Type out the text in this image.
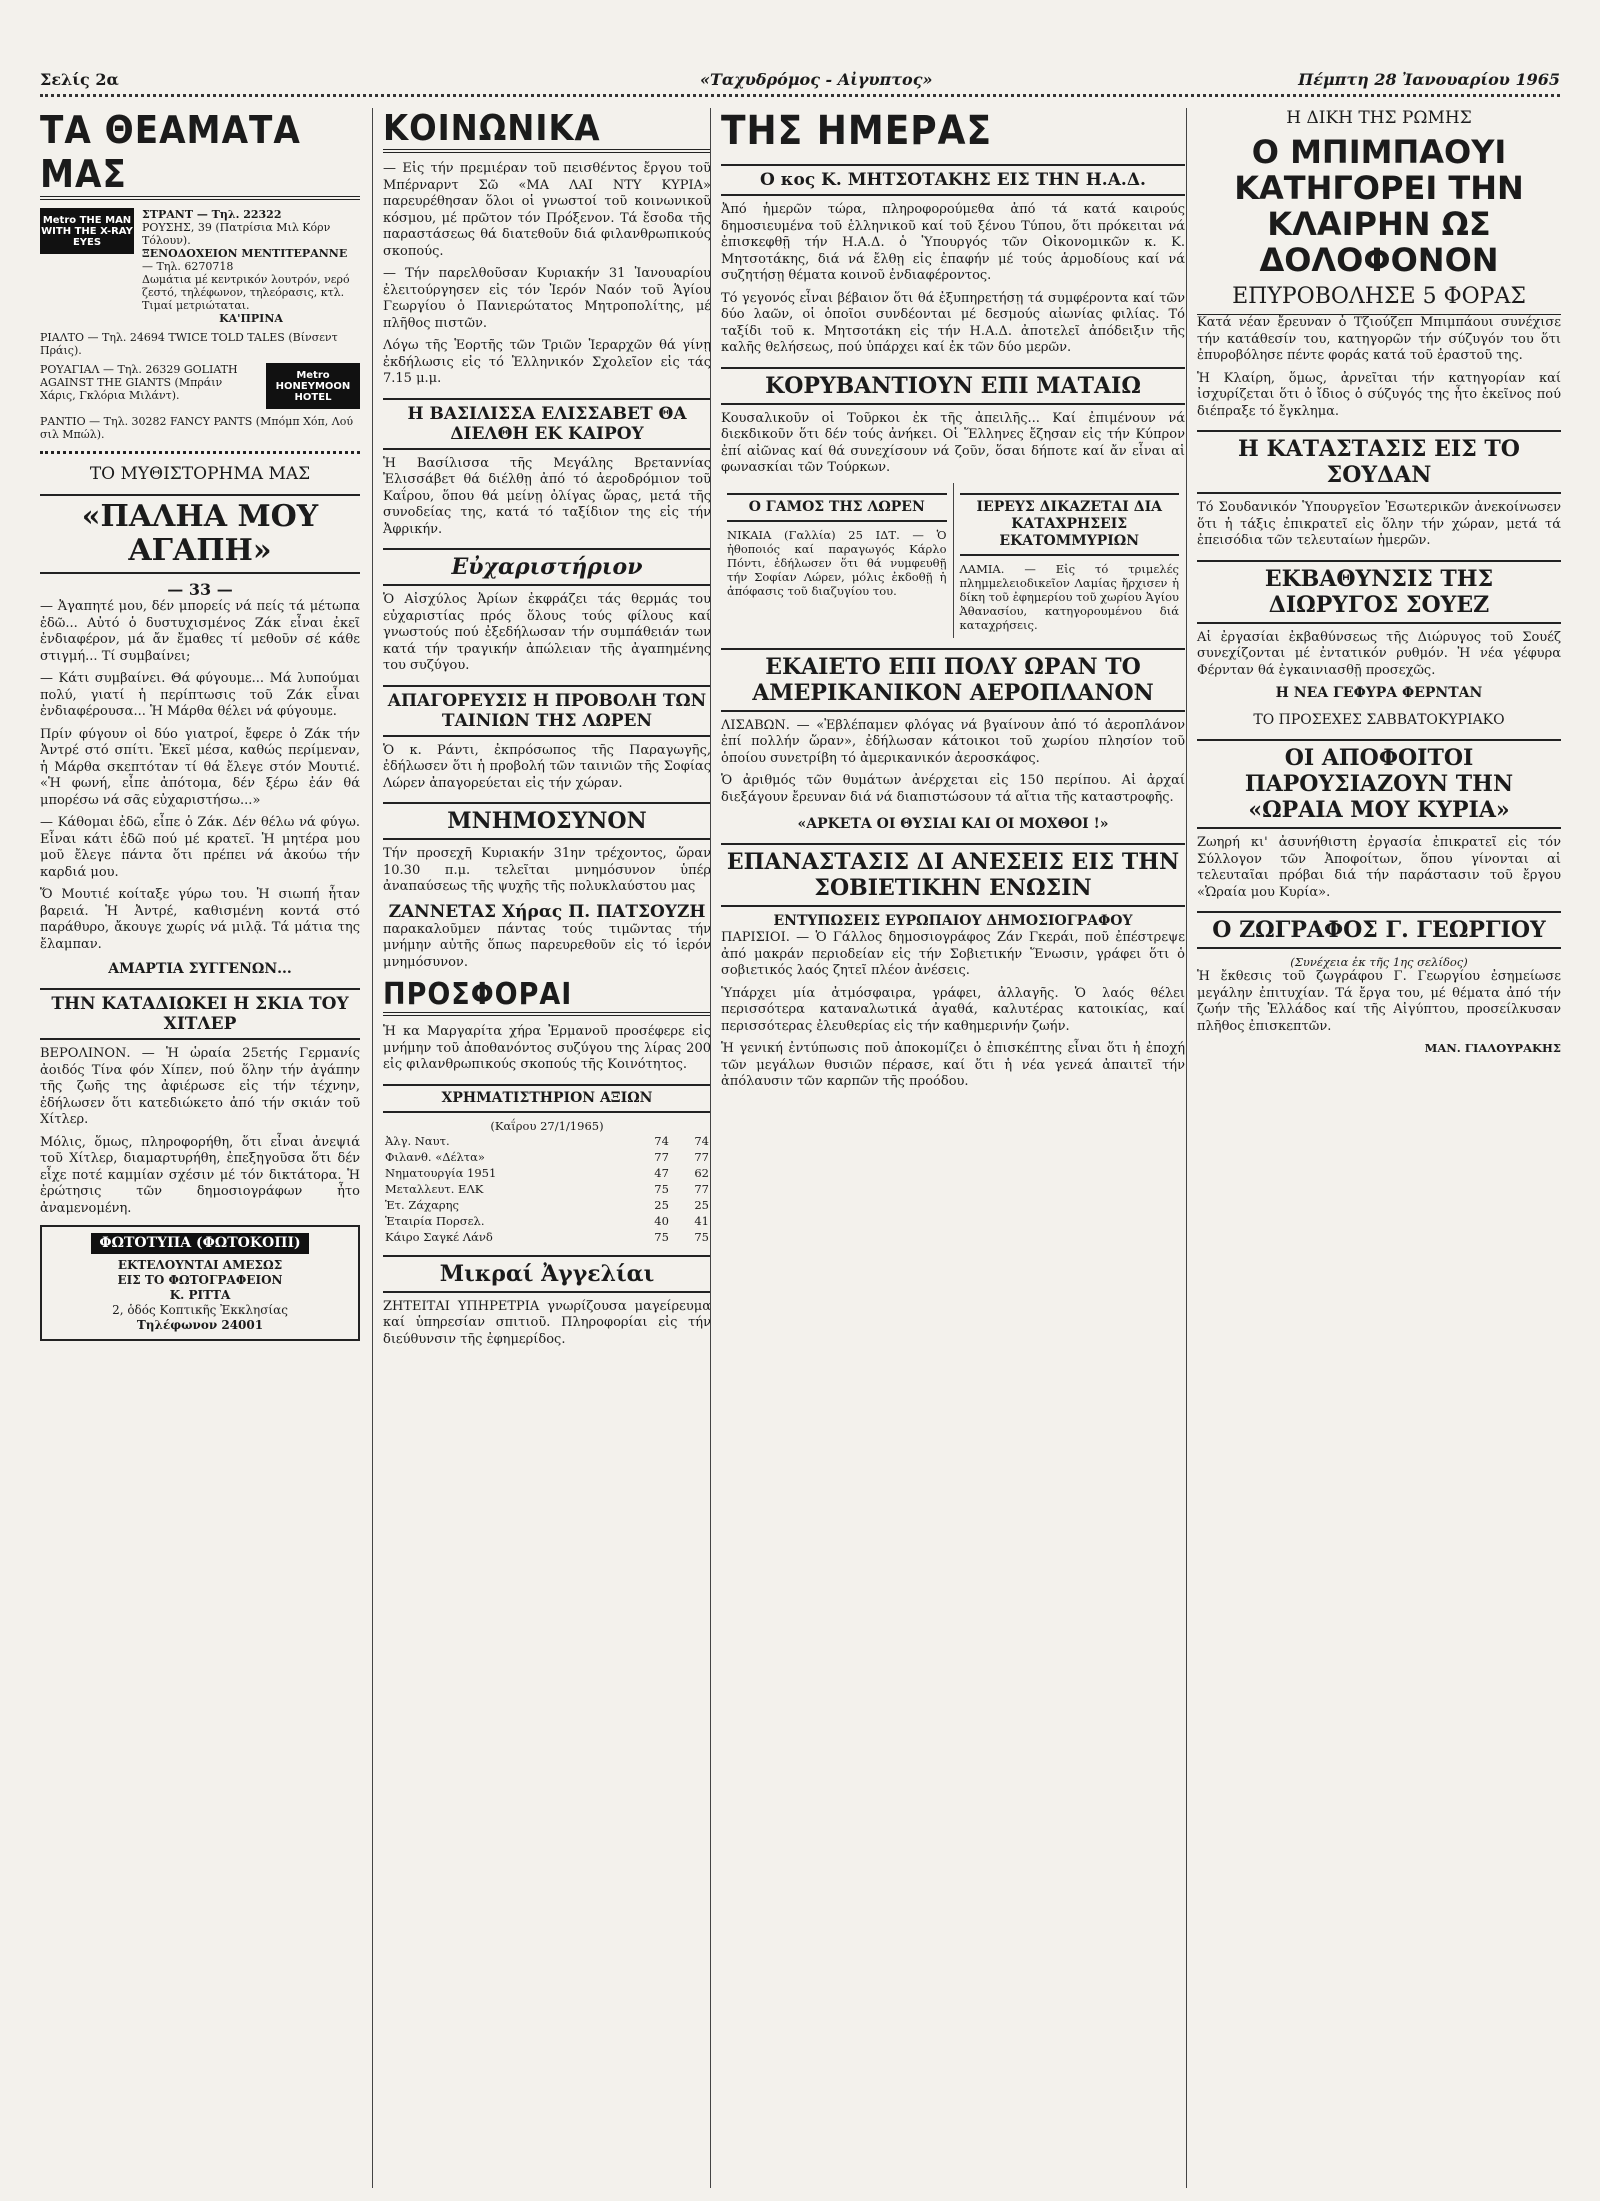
Σελίς 2α	«Ταχυδρόμος - Αἰγυπτος»	Πέμπτη 28 Ἰανουαρίου 1965
ΤΑ ΘΕΑΜΑΤΑ ΜΑΣ
Metro THE MAN WITH THE X-RAY EYES
ΣΤΡΑΝΤ — Τηλ. 22322
ΡΟΥΣΗΣ, 39 (Πατρίσια Μιλ Κόρν Τόλουν).
ΞΕΝΟΔΟΧΕΙΟΝ ΜΕΝΤΙΤΕΡΑΝΝΕ
— Τηλ. 6270718
Δωμάτια μέ κεντρικόν λουτρόν, νερό ζεστό, τηλέφωνον, τηλεόρασις, κτλ. Τιμαί μετριώταται.
ΚΑ'ΠΡΙΝΑ
ΡΙΑΛΤΟ — Τηλ. 24694 TWICE TOLD TALES (Βίνσεντ Πράις).
ΡΟΥΑΓΙΑΛ — Τηλ. 26329 GOLIATH AGAINST THE GIANTS (Μπράιν Χάρις, Γκλόρια Μιλάντ).
Metro HONEYMOON HOTEL
ΡΑΝΤΙΟ — Τηλ. 30282 FANCY PANTS (Μπόμπ Χόπ, Λού σιλ Μπώλ).
ΤΟ ΜΥΘΙΣΤΟΡΗΜΑ ΜΑΣ
«ΠΑΛΗΑ ΜΟΥ ΑΓΑΠΗ»
— 33 —

— Ἀγαπητέ μου, δέν μπορείς νά πείς τά μέτωπα ἐδῶ... Αὐτό ὁ δυστυχισμένος Ζάκ εἶναι ἐκεῖ ἐνδιαφέρον, μά ἄν ἔμαθες τί μεθοῦν σέ κάθε στιγμή... Τί συμβαίνει;

— Κάτι συμβαίνει. Θά φύγουμε... Μά λυπούμαι πολύ, γιατί ἡ περίπτωσις τοῦ Ζάκ εἶναι ἐνδιαφέρουσα... Ἡ Μάρθα θέλει νά φύγουμε.

Πρίν φύγουν οἱ δύο γιατροί, ἔφερε ὁ Ζάκ τήν Ἀντρέ στό σπίτι. Ἐκεῖ μέσα, καθώς περίμεναν, ἡ Μάρθα σκεπτόταν τί θά ἔλεγε στόν Μουτιέ. «Ἡ φωνή, εἶπε ἀπότομα, δέν ξέρω ἐάν θά μπορέσω νά σᾶς εὐχαριστήσω...»

— Κάθομαι ἐδῶ, εἶπε ὁ Ζάκ. Δέν θέλω νά φύγω. Εἶναι κάτι ἐδῶ πού μέ κρατεῖ. Ἡ μητέρα μου μοῦ ἔλεγε πάντα ὅτι πρέπει νά ἀκούω τήν καρδιά μου.

Ὅ Μουτιέ κοίταξε γύρω του. Ἡ σιωπή ἦταν βαρειά. Ἡ Ἀντρέ, καθισμένη κοντά στό παράθυρο, ἄκουγε χωρίς νά μιλᾷ. Τά μάτια της ἔλαμπαν.

ΑΜΑΡΤΙΑ ΣΥΓΓΕΝΩΝ...
ΤΗΝ ΚΑΤΑΔΙΩΚΕΙ Η ΣΚΙΑ ΤΟΥ ΧΙΤΛΕΡ

ΒΕΡΟΛΙΝΟΝ. — Ἡ ὡραία 25ετής Γερμανίς ἀοιδός Τίνα φόν Χίπεν, πού ὅλην τήν ἀγάπην τῆς ζωῆς της ἀφιέρωσε εἰς τήν τέχνην, ἐδήλωσεν ὅτι κατεδιώκετο ἀπό τήν σκιάν τοῦ Χίτλερ.

Μόλις, ὅμως, πληροφορήθη, ὅτι εἶναι ἀνεψιά τοῦ Χίτλερ, διαμαρτυρήθη, ἐπεξηγοῦσα ὅτι δέν εἶχε ποτέ καμμίαν σχέσιν μέ τόν δικτάτορα. Ἡ ἐρώτησις τῶν δημοσιογράφων ἦτο ἀναμενομένη.

ΦΩΤΟΤΥΠΑ (ΦΩΤΟΚΟΠΙ)
ΕΚΤΕΛΟΥΝΤΑΙ ΑΜΕΣΩΣ
ΕΙΣ ΤΟ ΦΩΤΟΓΡΑΦΕΙΟΝ
Κ. ΡΙΤΤΑ
2, ὁδός Κοπτικῆς Ἐκκλησίας
Τηλέφωνον 24001
ΚΟΙΝΩΝΙΚΑ

— Εἰς τήν πρεμιέραν τοῦ πεισθέντος ἔργου τοῦ Μπέρναρντ Σῶ «ΜΑ ΛΑΙ ΝΤΥ ΚΥΡΙΑ» παρευρέθησαν ὅλοι οἱ γνωστοί τοῦ κοινωνικοῦ κόσμου, μέ πρῶτον τόν Πρόξενον. Τά ἔσοδα τῆς παραστάσεως θά διατεθοῦν διά φιλανθρωπικούς σκοπούς.

— Τήν παρελθοῦσαν Κυριακήν 31 Ἰανουαρίου ἐλειτούργησεν εἰς τόν Ἱερόν Ναόν τοῦ Ἁγίου Γεωργίου ὁ Πανιερώτατος Μητροπολίτης, μέ πλῆθος πιστῶν.

Λόγω τῆς Ἑορτῆς τῶν Τριῶν Ἱεραρχῶν θά γίνῃ ἐκδήλωσις εἰς τό Ἑλληνικόν Σχολεῖον εἰς τάς 7.15 μ.μ.

Η ΒΑΣΙΛΙΣΣΑ ΕΛΙΣΣΑΒΕΤ ΘΑ ΔΙΕΛΘΗ ΕΚ ΚΑΙΡΟΥ

Ἡ Βασίλισσα τῆς Μεγάλης Βρεταννίας Ἐλισσάβετ θά διέλθῃ ἀπό τό ἀεροδρόμιον τοῦ Καΐρου, ὅπου θά μείνῃ ὀλίγας ὥρας, μετά τῆς συνοδείας της, κατά τό ταξίδιον της εἰς τήν Ἀφρικήν.

Εὐχαριστήριον

Ὁ Αἰσχύλος Ἀρίων ἐκφράζει τάς θερμάς του εὐχαριστίας πρός ὅλους τούς φίλους καί γνωστούς πού ἐξεδήλωσαν τήν συμπάθειάν των κατά τήν τραγικήν ἀπώλειαν τῆς ἀγαπημένης του συζύγου.

ΑΠΑΓΟΡΕΥΣΙΣ Η ΠΡΟΒΟΛΗ ΤΩΝ ΤΑΙΝΙΩΝ ΤΗΣ ΛΩΡΕΝ

Ὁ κ. Ράντι, ἐκπρόσωπος τῆς Παραγωγῆς, ἐδήλωσεν ὅτι ἡ προβολή τῶν ταινιῶν τῆς Σοφίας Λώρεν ἀπαγορεύεται εἰς τήν χώραν.

ΜΝΗΜΟΣΥΝΟΝ

Τήν προσεχῆ Κυριακήν 31ην τρέχοντος, ὥραν 10.30 π.μ. τελεῖται μνημόσυνον ὑπέρ ἀναπαύσεως τῆς ψυχῆς τῆς πολυκλαύστου μας

ΖΑΝΝΕΤΑΣ Χήρας Π. ΠΑΤΣΟΥΖΗ

παρακαλοῦμεν πάντας τούς τιμῶντας τήν μνήμην αὐτῆς ὅπως παρευρεθοῦν εἰς τό ἱερόν μνημόσυνον.

ΠΡΟΣΦΟΡΑΙ

Ἡ κα Μαργαρίτα χήρα Ἐρμανοῦ προσέφερε εἰς μνήμην τοῦ ἀποθανόντος συζύγου της λίρας 200 εἰς φιλανθρωπικούς σκοπούς τῆς Κοινότητος.

ΧΡΗΜΑΤΙΣΤΗΡΙΟΝ ΑΞΙΩΝ
(Καΐρου 27/1/1965)
Ἀλγ. Ναυτ.	74	74
Φιλανθ. «Δέλτα»	77	77
Νηματουργία 1951	47	62
Μεταλλευτ. ΕΛΚ	75	77
Ἑτ. Ζάχαρης	25	25
Ἑταιρία Πορσελ.	40	41
Κάιρο Σαγκέ Λάνδ	75	75
Μικραί Ἀγγελίαι

ΖΗΤΕΙΤΑΙ ΥΠΗΡΕΤΡΙΑ γνωρίζουσα μαγείρευμα καί ὑπηρεσίαν σπιτιοῦ. Πληροφορίαι εἰς τήν διεύθυνσιν τῆς ἐφημερίδος.

ΤΗΣ ΗΜΕΡΑΣ
Ο κος Κ. ΜΗΤΣΟΤΑΚΗΣ ΕΙΣ ΤΗΝ Η.Α.Δ.

Ἀπό ἡμερῶν τώρα, πληροφορούμεθα ἀπό τά κατά καιρούς δημοσιευμένα τοῦ ἑλληνικοῦ καί τοῦ ξένου Τύπου, ὅτι πρόκειται νά ἐπισκεφθῇ τήν Η.Α.Δ. ὁ Ὑπουργός τῶν Οἰκονομικῶν κ. Κ. Μητσοτάκης, διά νά ἔλθῃ εἰς ἐπαφήν μέ τούς ἁρμοδίους καί νά συζητήσῃ θέματα κοινοῦ ἐνδιαφέροντος.

Τό γεγονός εἶναι βέβαιον ὅτι θά ἐξυπηρετήσῃ τά συμφέροντα καί τῶν δύο λαῶν, οἱ ὁποῖοι συνδέονται μέ δεσμούς αἰωνίας φιλίας. Τό ταξίδι τοῦ κ. Μητσοτάκη εἰς τήν Η.Α.Δ. ἀποτελεῖ ἀπόδειξιν τῆς καλῆς θελήσεως, πού ὑπάρχει καί ἐκ τῶν δύο μερῶν.

ΚΟΡΥΒΑΝΤΙΟΥΝ ΕΠΙ ΜΑΤΑΙΩ

Κουσαλικοῦν οἱ Τοῦρκοι ἐκ τῆς ἀπειλῆς... Καί ἐπιμένουν νά διεκδικοῦν ὅτι δέν τούς ἀνήκει. Οἱ Ἕλληνες ἔζησαν εἰς τήν Κύπρον ἐπί αἰῶνας καί θά συνεχίσουν νά ζοῦν, ὅσαι δήποτε καί ἄν εἶναι αἱ φωνασκίαι τῶν Τούρκων.

Ο ΓΑΜΟΣ ΤΗΣ ΛΩΡΕΝ

ΝΙΚΑΙΑ (Γαλλία) 25 ΙΔΤ. — Ὁ ἡθοποιός καί παραγωγός Κάρλο Πόντι, ἐδήλωσεν ὅτι θά νυμφευθῇ τήν Σοφίαν Λώρεν, μόλις ἐκδοθῇ ἡ ἀπόφασις τοῦ διαζυγίου του.

ΙΕΡΕΥΣ ΔΙΚΑΖΕΤΑΙ ΔΙΑ ΚΑΤΑΧΡΗΣΕΙΣ ΕΚΑΤΟΜΜΥΡΙΩΝ

ΛΑΜΙΑ. — Εἰς τό τριμελές πλημμελειοδικεῖον Λαμίας ἤρχισεν ἡ δίκη τοῦ ἐφημερίου τοῦ χωρίου Ἁγίου Ἀθανασίου, κατηγορουμένου διά καταχρήσεις.

ΕΚΑΙΕΤΟ ΕΠΙ ΠΟΛΥ ΩΡΑΝ ΤΟ ΑΜΕΡΙΚΑΝΙΚΟΝ ΑΕΡΟΠΛΑΝΟΝ

ΛΙΣΑΒΩΝ. — «Ἐβλέπαμεν φλόγας νά βγαίνουν ἀπό τό ἀεροπλάνον ἐπί πολλήν ὥραν», ἐδήλωσαν κάτοικοι τοῦ χωρίου πλησίον τοῦ ὁποίου συνετρίβη τό ἀμερικανικόν ἀεροσκάφος.

Ὁ ἀριθμός τῶν θυμάτων ἀνέρχεται εἰς 150 περίπου. Αἱ ἀρχαί διεξάγουν ἔρευναν διά νά διαπιστώσουν τά αἴτια τῆς καταστροφῆς.

«ΑΡΚΕΤΑ ΟΙ ΘΥΣΙΑΙ ΚΑΙ ΟΙ ΜΟΧΘΟΙ !»
ΕΠΑΝΑΣΤΑΣΙΣ ΔΙ ΑΝΕΣΕΙΣ ΕΙΣ ΤΗΝ ΣΟΒΙΕΤΙΚΗΝ ΕΝΩΣΙΝ
ΕΝΤΥΠΩΣΕΙΣ ΕΥΡΩΠΑΙΟΥ ΔΗΜΟΣΙΟΓΡΑΦΟΥ

ΠΑΡΙΣΙΟΙ. — Ὁ Γάλλος δημοσιογράφος Ζάν Γκεράι, ποῦ ἐπέστρεψε ἀπό μακράν περιοδείαν εἰς τήν Σοβιετικήν Ἕνωσιν, γράφει ὅτι ὁ σοβιετικός λαός ζητεῖ πλέον ἀνέσεις.

Ὑπάρχει μία ἀτμόσφαιρα, γράφει, ἀλλαγῆς. Ὁ λαός θέλει περισσότερα καταναλωτικά ἀγαθά, καλυτέρας κατοικίας, καί περισσότερας ἐλευθερίας εἰς τήν καθημερινήν ζωήν.

Ἡ γενική ἐντύπωσις ποῦ ἀποκομίζει ὁ ἐπισκέπτης εἶναι ὅτι ἡ ἐποχή τῶν μεγάλων θυσιῶν πέρασε, καί ὅτι ἡ νέα γενεά ἀπαιτεῖ τήν ἀπόλαυσιν τῶν καρπῶν τῆς προόδου.

Η ΔΙΚΗ ΤΗΣ ΡΩΜΗΣ
Ο ΜΠΙΜΠΑΟΥΙ ΚΑΤΗΓΟΡΕΙ ΤΗΝ ΚΛΑΙΡΗΝ ΩΣ ΔΟΛΟΦΟΝΟΝ
ΕΠΥΡΟΒΟΛΗΣΕ 5 ΦΟΡΑΣ

Κατά νέαν ἔρευναν ὁ Τζιούζεπ Μπιμπάουι συνέχισε τήν κατάθεσίν του, κατηγορῶν τήν σύζυγόν του ὅτι ἐπυροβόλησε πέντε φοράς κατά τοῦ ἐραστοῦ της.

Ἡ Κλαίρη, ὅμως, ἀρνεῖται τήν κατηγορίαν καί ἰσχυρίζεται ὅτι ὁ ἴδιος ὁ σύζυγός της ἦτο ἐκεῖνος πού διέπραξε τό ἔγκλημα.

Η ΚΑΤΑΣΤΑΣΙΣ ΕΙΣ ΤΟ ΣΟΥΔΑΝ

Τό Σουδανικόν Ὑπουργεῖον Ἐσωτερικῶν ἀνεκοίνωσεν ὅτι ἡ τάξις ἐπικρατεῖ εἰς ὅλην τήν χώραν, μετά τά ἐπεισόδια τῶν τελευταίων ἡμερῶν.

ΕΚΒΑΘΥΝΣΙΣ ΤΗΣ ΔΙΩΡΥΓΟΣ ΣΟΥΕΖ

Αἱ ἐργασίαι ἐκβαθύνσεως τῆς Διώρυγος τοῦ Σουέζ συνεχίζονται μέ ἐντατικόν ρυθμόν. Ἡ νέα γέφυρα Φέρνταν θά ἐγκαινιασθῇ προσεχῶς.

Η ΝΕΑ ΓΕΦΥΡΑ ΦΕΡΝΤΑΝ
ΤΟ ΠΡΟΣΕΧΕΣ ΣΑΒΒΑΤΟΚΥΡΙΑΚΟ
ΟΙ ΑΠΟΦΟΙΤΟΙ ΠΑΡΟΥΣΙΑΖΟΥΝ ΤΗΝ «ΩΡΑΙΑ ΜΟΥ ΚΥΡΙΑ»

Ζωηρή κι' ἀσυνήθιστη ἐργασία ἐπικρατεῖ εἰς τόν Σύλλογον τῶν Ἀποφοίτων, ὅπου γίνονται αἱ τελευταῖαι πρόβαι διά τήν παράστασιν τοῦ ἔργου «Ὡραία μου Κυρία».

Ο ΖΩΓΡΑΦΟΣ Γ. ΓΕΩΡΓΙΟΥ
(Συνέχεια ἐκ τῆς 1ης σελίδος)

Ἡ ἔκθεσις τοῦ ζωγράφου Γ. Γεωργίου ἐσημείωσε μεγάλην ἐπιτυχίαν. Τά ἔργα του, μέ θέματα ἀπό τήν ζωήν τῆς Ἑλλάδος καί τῆς Αἰγύπτου, προσείλκυσαν πλῆθος ἐπισκεπτῶν.

ΜΑΝ. ΓΙΑΛΟΥΡΑΚΗΣ
